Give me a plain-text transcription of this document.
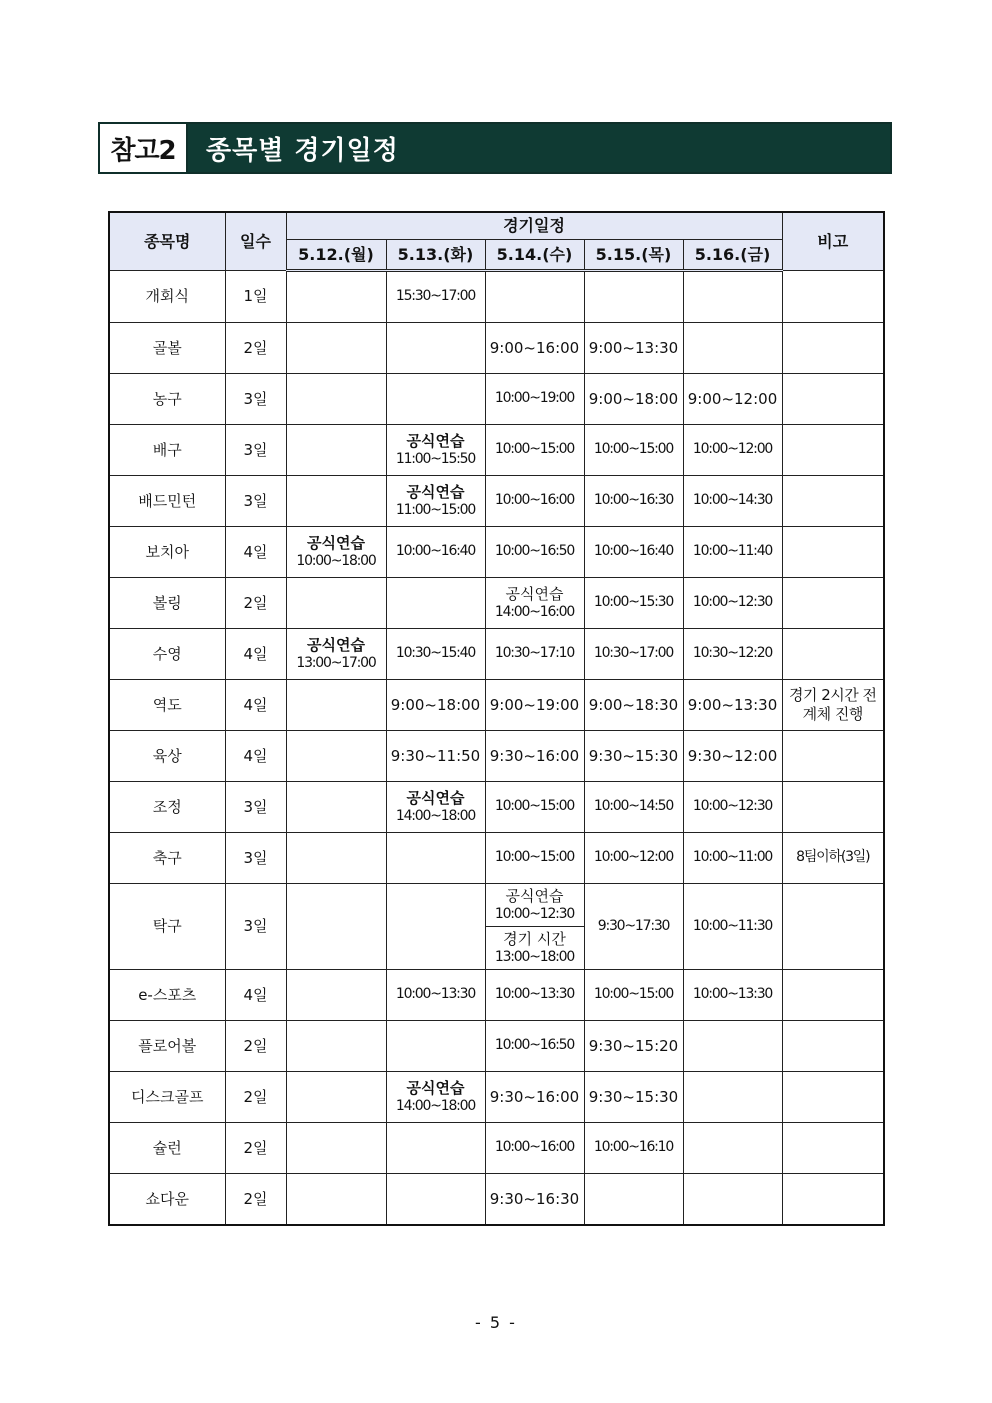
참고2	종목별 경기일정
종목명	일수	경기일정					비고
		5.12.(월)	5.13.(화)	5.14.(수)	5.15.(목)	5.16.(금)	
개회식	1일		15:30~17:00				

골볼	2일			9:00~16:00	9:00~13:30		

농구	3일			10:00~19:00	9:00~18:00	9:00~12:00	

배구	3일		공식연습
11:00~15:50	10:00~15:00	10:00~15:00	10:00~12:00	

배드민턴	3일		공식연습
11:00~15:00	10:00~16:00	10:00~16:30	10:00~14:30	

보치아	4일	공식연습
10:00~18:00	10:00~16:40	10:00~16:50	10:00~16:40	10:00~11:40	

볼링	2일			공식연습
14:00~16:00	10:00~15:30	10:00~12:30	

수영	4일	공식연습
13:00~17:00	10:30~15:40	10:30~17:10	10:30~17:00	10:30~12:20	

역도	4일		9:00~18:00	9:00~19:00	9:00~18:30	9:00~13:30	경기 2시간 전
계체 진행

육상	4일		9:30~11:50	9:30~16:00	9:30~15:30	9:30~12:00	

조정	3일		공식연습
14:00~18:00	10:00~15:00	10:00~14:50	10:00~12:30	

축구	3일			10:00~15:00	10:00~12:00	10:00~11:00	8팀이하(3일)

탁구	3일			공식연습
10:00~12:30
경기 시간
13:00~18:00	9:30~17:30	10:00~11:30	

e-스포츠	4일		10:00~13:30	10:00~13:30	10:00~15:00	10:00~13:30	

플로어볼	2일			10:00~16:50	9:30~15:20		

디스크골프	2일		공식연습
14:00~18:00	9:30~16:00	9:30~15:30		

슐런	2일			10:00~16:00	10:00~16:10		

쇼다운	2일			9:30~16:30			

- 5 -
